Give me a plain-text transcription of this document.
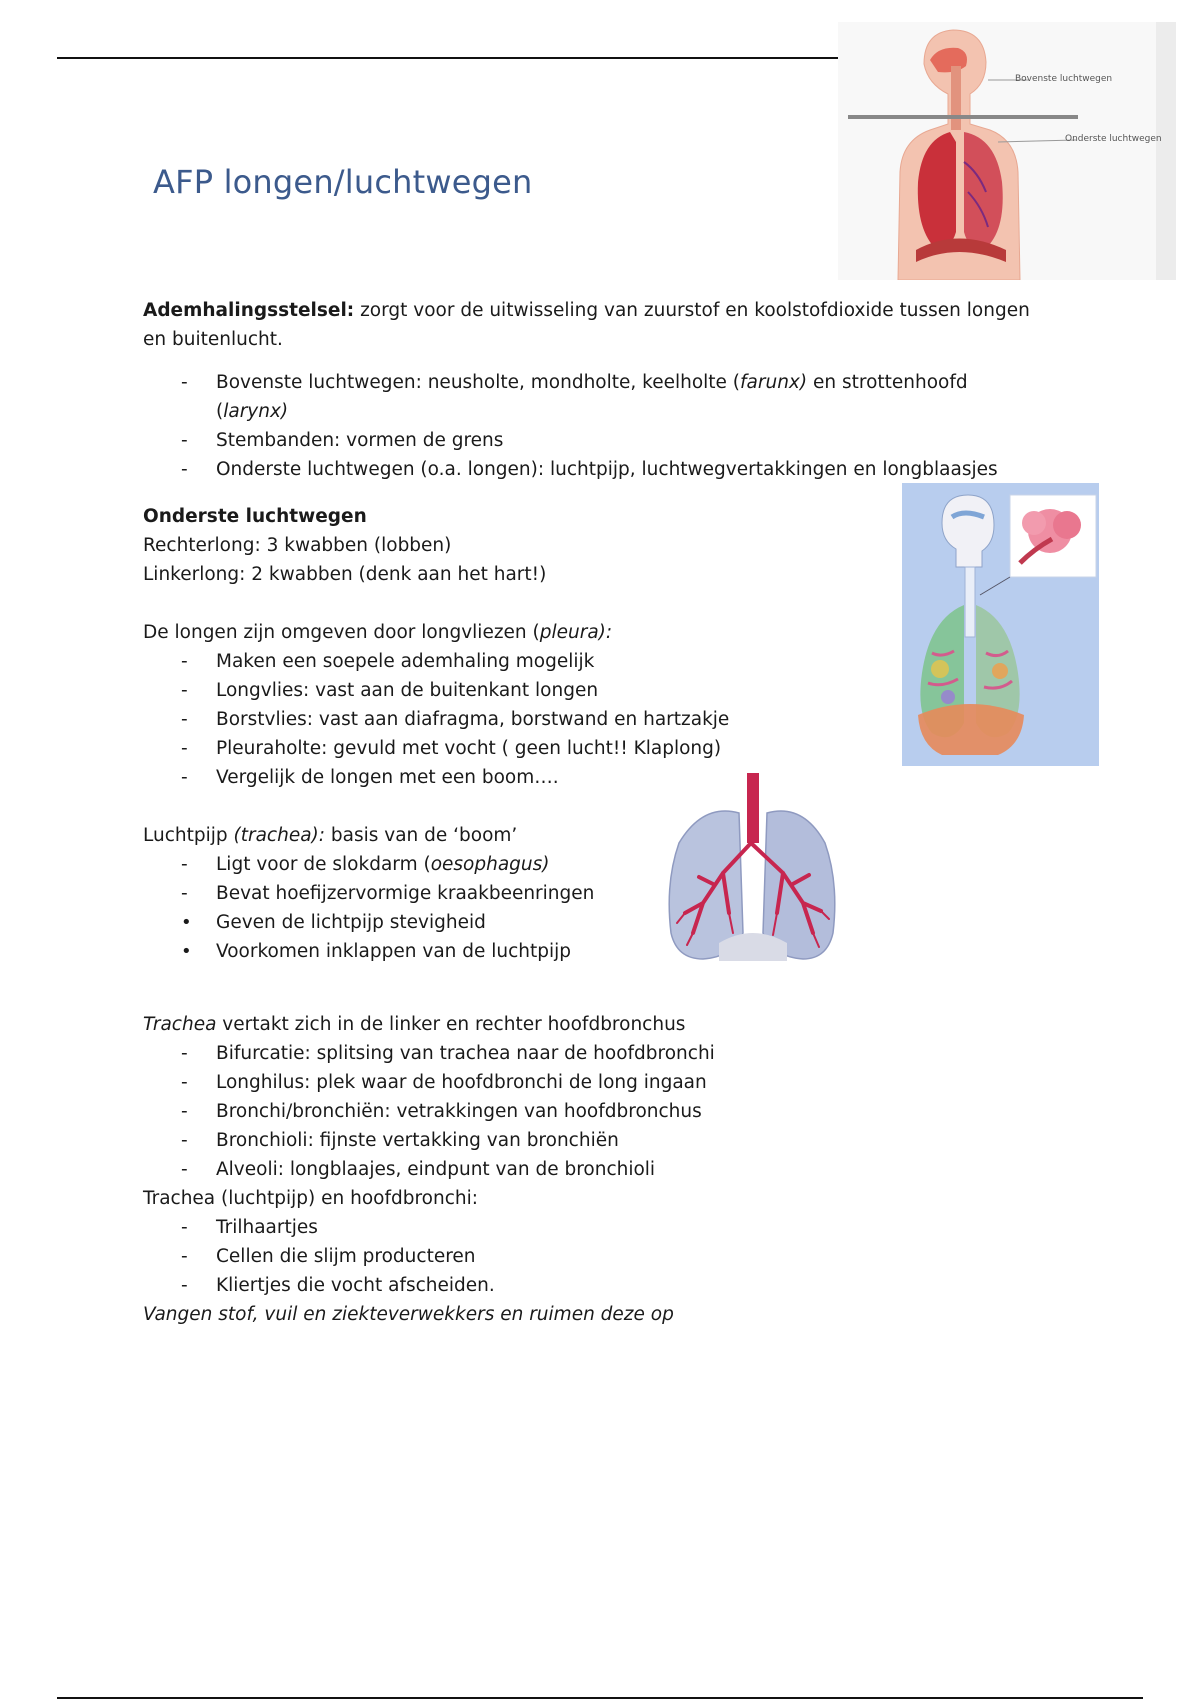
AFP longen/luchtwegen
Bovenste luchtwegen
Onderste luchtwegen

Ademhalingsstelsel: zorgt voor de uitwisseling van zuurstof en koolstofdioxide tussen longen en buitenlucht.

- Bovenste luchtwegen: neusholte, mondholte, keelholte (farunx) en strottenhoofd (larynx)
- Stembanden: vormen de grens
- Onderste luchtwegen (o.a. longen): luchtpijp, luchtwegvertakkingen en longblaasjes

Onderste luchtwegen

Rechterlong: 3 kwabben (lobben)

Linkerlong: 2 kwabben (denk aan het hart!)

De longen zijn omgeven door longvliezen (pleura):

- Maken een soepele ademhaling mogelijk
- Longvlies: vast aan de buitenkant longen
- Borstvlies: vast aan diafragma, borstwand en hartzakje
- Pleuraholte: gevuld met vocht ( geen lucht!! Klaplong)
- Vergelijk de longen met een boom….

Luchtpijp (trachea): basis van de ‘boom’

- Ligt voor de slokdarm (oesophagus)
- Bevat hoefijzervormige kraakbeenringen
• Geven de lichtpijp stevigheid
• Voorkomen inklappen van de luchtpijp

Trachea vertakt zich in de linker en rechter hoofdbronchus

- Bifurcatie: splitsing van trachea naar de hoofdbronchi
- Longhilus: plek waar de hoofdbronchi de long ingaan
- Bronchi/bronchiën: vetrakkingen van hoofdbronchus
- Bronchioli: fijnste vertakking van bronchiën
- Alveoli: longblaajes, eindpunt van de bronchioli

Trachea (luchtpijp) en hoofdbronchi:

- Trilhaartjes
- Cellen die slijm producteren
- Kliertjes die vocht afscheiden.

Vangen stof, vuil en ziekteverwekkers en ruimen deze op
